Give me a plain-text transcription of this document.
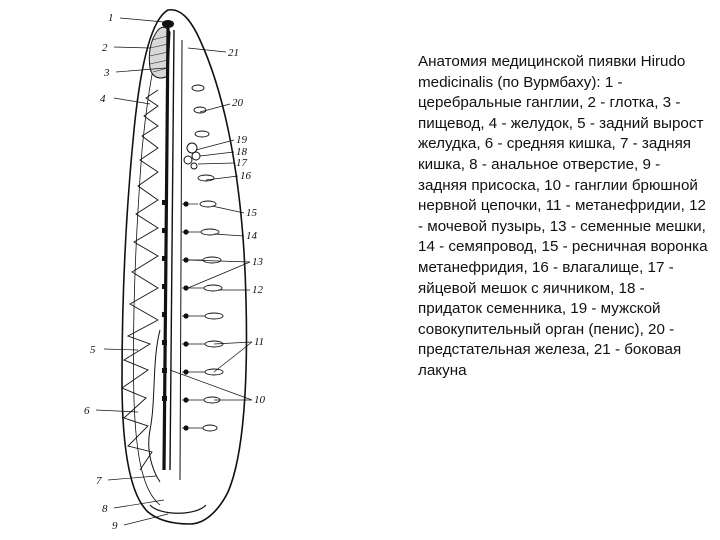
1
2
3
4
5
6
7
8
9
21
20
19
18
17
16
15
14
13
12
11
10
Анатомия медицинской пиявки Hirudo medicinalis (по Вурмбаху): 1 - церебральные ганглии, 2 - глотка, 3 - пищевод, 4 - желудок, 5 - задний вырост желудка, 6 - средняя кишка, 7 - задняя кишка, 8 - анальное отверстие, 9 - задняя присоска, 10 - ганглии брюшной нервной цепочки, 11 - метанефридии, 12 - мочевой пузырь, 13 - семенные мешки, 14 - семяпровод, 15 - ресничная воронка метанефридия, 16 - влагалище, 17 - яйцевой мешок с яичником, 18 - придаток семенника, 19 - мужской совокупительный орган (пенис), 20 - предстательная железа, 21 - боковая лакуна
